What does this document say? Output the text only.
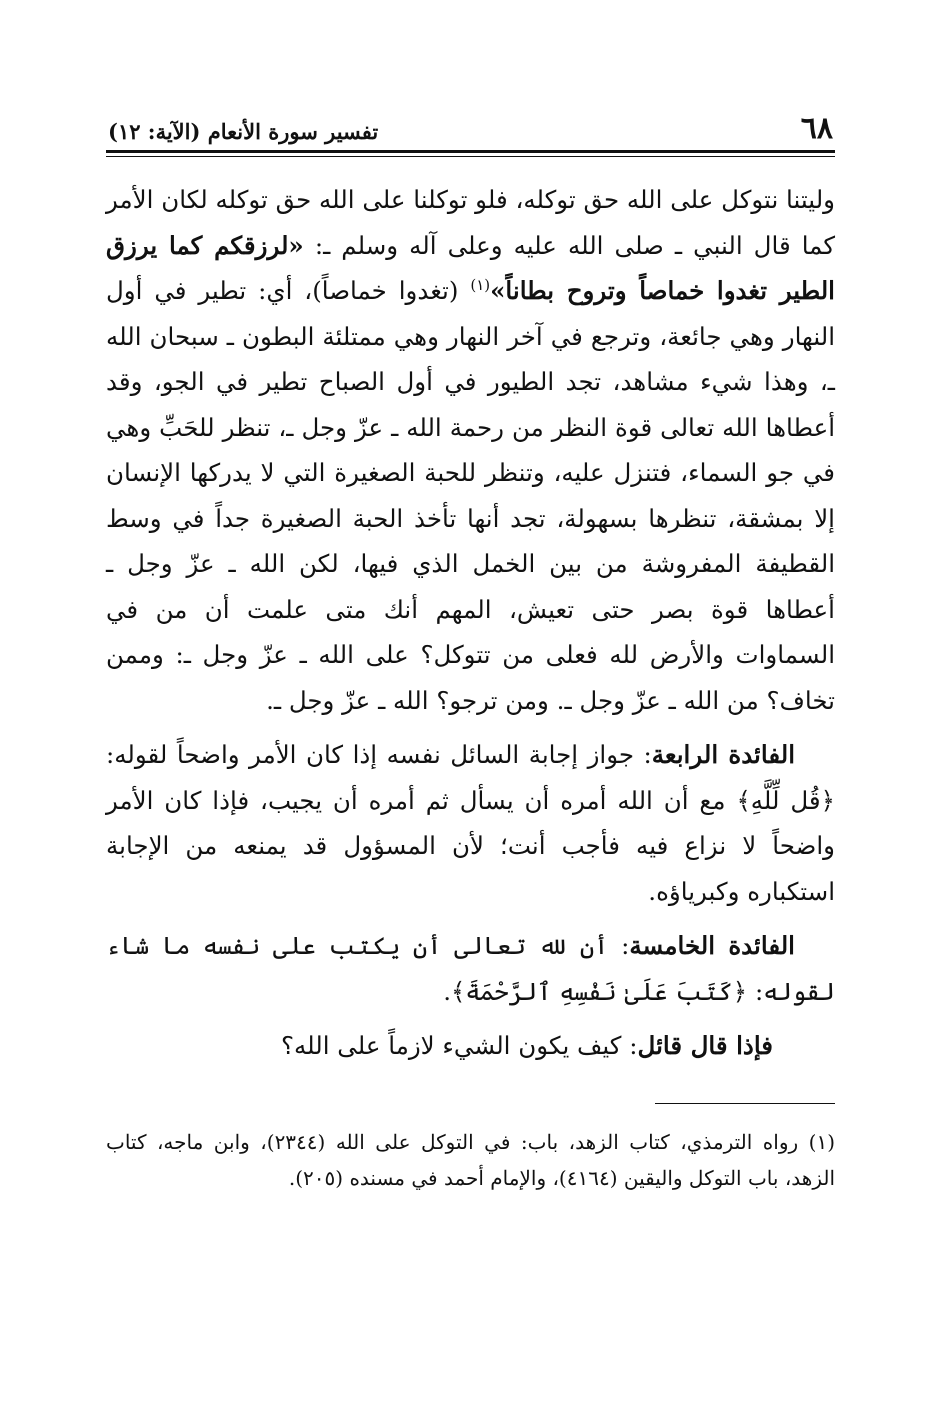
٦٨
تفسير سورة الأنعام (الآية: ١٢)

وليتنا نتوكل على الله حق توكله، فلو توكلنا على الله حق توكله لكان الأمر كما قال النبي ـ صلى الله عليه وعلى آله وسلم ـ: «لرزقكم كما يرزق الطير تغدوا خماصاً وتروح بطاناً»$^{(١)}$ (تغدوا خماصاً)، أي: تطير في أول النهار وهي جائعة، وترجع في آخر النهار وهي ممتلئة البطون ـ سبحان الله ـ، وهذا شيء مشاهد، تجد الطيور في أول الصباح تطير في الجو، وقد أعطاها الله تعالى قوة النظر من رحمة الله ـ عزّ وجل ـ، تنظر للحَبِّ وهي في جو السماء، فتنزل عليه، وتنظر للحبة الصغيرة التي لا يدركها الإنسان إلا بمشقة، تنظرها بسهولة، تجد أنها تأخذ الحبة الصغيرة جداً في وسط القطيفة المفروشة من بين الخمل الذي فيها، لكن الله ـ عزّ وجل ـ أعطاها قوة بصر حتى تعيش، المهم أنك متى علمت أن من في السماوات والأرض لله فعلى من تتوكل؟ على الله ـ عزّ وجل ـ: وممن تخاف؟ من الله ـ عزّ وجل ـ. ومن ترجو؟ الله ـ عزّ وجل ـ.

الفائدة الرابعة: جواز إجابة السائل نفسه إذا كان الأمر واضحاً لقوله: ﴿قُل لِّلَّهِ﴾ مع أن الله أمره أن يسأل ثم أمره أن يجيب، فإذا كان الأمر واضحاً لا نزاع فيه فأجب أنت؛ لأن المسؤول قد يمنعه من الإجابة استكباره وكبرياؤه.

الفائدة الخامسة: أن لله تعالى أن يكتب على نفسه ما شاء لقوله: ﴿كَتَبَ عَلَىٰ نَفْسِهِ ٱلرَّحْمَةَ﴾.

فإذا قال قائل: كيف يكون الشيء لازماً على الله؟

(١) رواه الترمذي، كتاب الزهد، باب: في التوكل على الله (٢٣٤٤)، وابن ماجه، كتاب الزهد، باب التوكل واليقين (٤١٦٤)، والإمام أحمد في مسنده (٢٠٥).
